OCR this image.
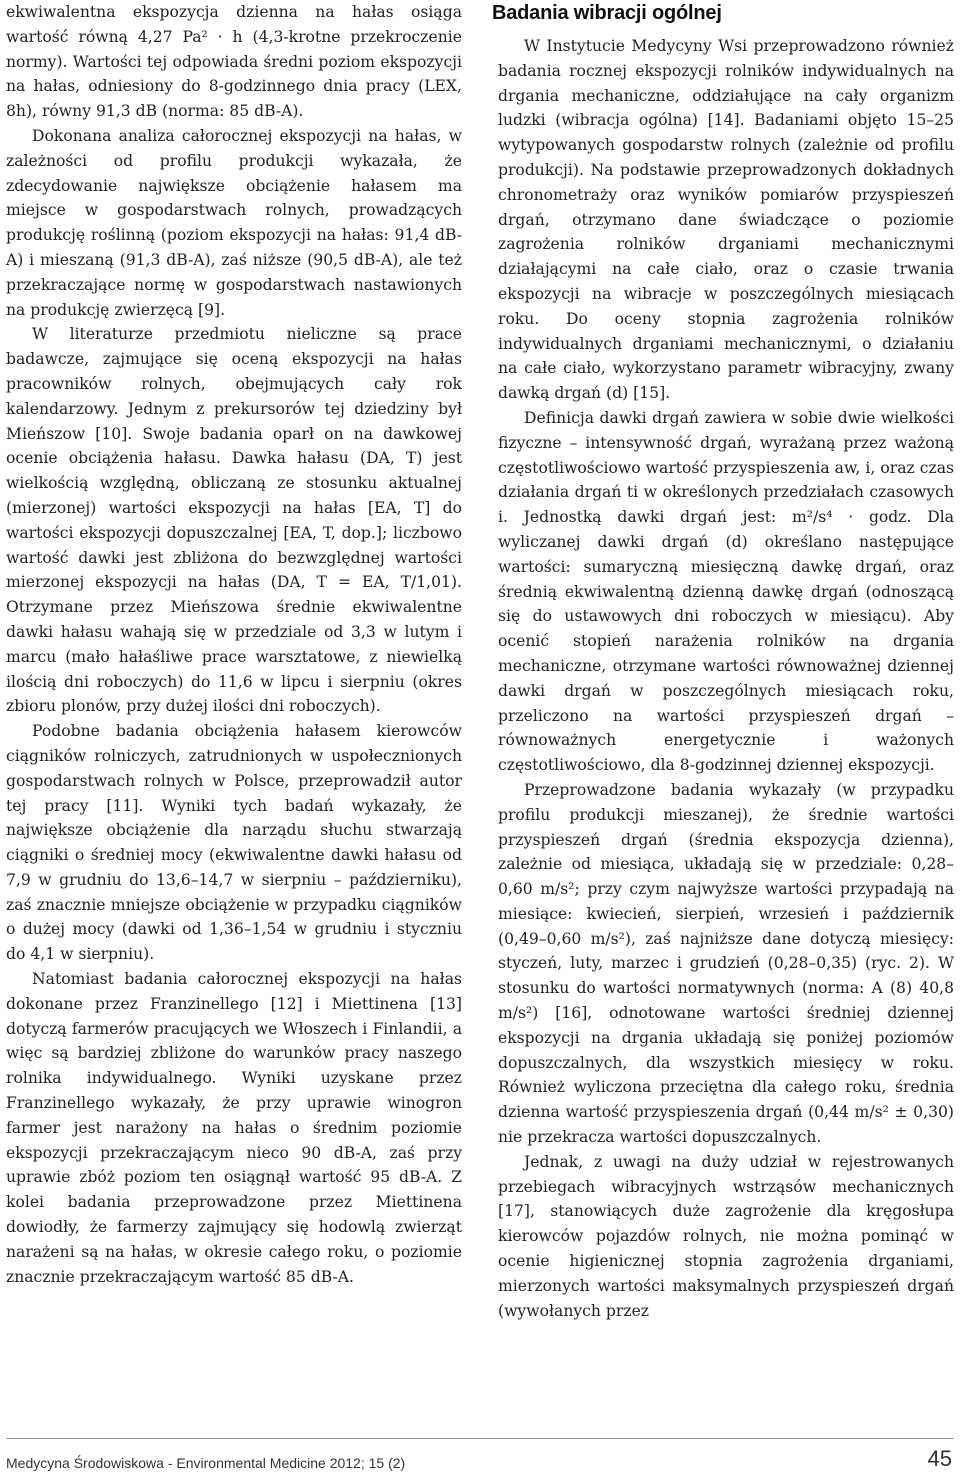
ekwiwalentna ekspozycja dzienna na hałas osiąga wartość równą 4,27 Pa² · h (4,3-krotne przekroczenie normy). Wartości tej odpowiada średni poziom ekspozycji na hałas, odniesiony do 8-godzinnego dnia pracy (LEX, 8h), równy 91,3 dB (norma: 85 dB-A).

Dokonana analiza całorocznej ekspozycji na hałas, w zależności od profilu produkcji wykazała, że zdecydowanie największe obciążenie hałasem ma miejsce w gospodarstwach rolnych, prowadzących produkcję roślinną (poziom ekspozycji na hałas: 91,4 dB-A) i mieszaną (91,3 dB-A), zaś niższe (90,5 dB-A), ale też przekraczające normę w gospodarstwach nastawionych na produkcję zwierzęcą [9].

W literaturze przedmiotu nieliczne są prace badawcze, zajmujące się oceną ekspozycji na hałas pracowników rolnych, obejmujących cały rok kalendarzowy. Jednym z prekursorów tej dziedziny był Mieńszow [10]. Swoje badania oparł on na dawkowej ocenie obciążenia hałasu. Dawka hałasu (DA, T) jest wielkością względną, obliczaną ze stosunku aktualnej (mierzonej) wartości ekspozycji na hałas [EA, T] do wartości ekspozycji dopuszczalnej [EA, T, dop.]; liczbowo wartość dawki jest zbliżona do bezwzględnej wartości mierzonej ekspozycji na hałas (DA, T = EA, T/1,01). Otrzymane przez Mieńszowa średnie ekwiwalentne dawki hałasu wahają się w przedziale od 3,3 w lutym i marcu (mało hałaśliwe prace warsztatowe, z niewielką ilością dni roboczych) do 11,6 w lipcu i sierpniu (okres zbioru plonów, przy dużej ilości dni roboczych).

Podobne badania obciążenia hałasem kierowców ciągników rolniczych, zatrudnionych w uspołecznionych gospodarstwach rolnych w Polsce, przeprowadził autor tej pracy [11]. Wyniki tych badań wykazały, że największe obciążenie dla narządu słuchu stwarzają ciągniki o średniej mocy (ekwiwalentne dawki hałasu od 7,9 w grudniu do 13,6–14,7 w sierpniu – październiku), zaś znacznie mniejsze obciążenie w przypadku ciągników o dużej mocy (dawki od 1,36–1,54 w grudniu i styczniu do 4,1 w sierpniu).

Natomiast badania całorocznej ekspozycji na hałas dokonane przez Franzinellego [12] i Miettinena [13] dotyczą farmerów pracujących we Włoszech i Finlandii, a więc są bardziej zbliżone do warunków pracy naszego rolnika indywidualnego. Wyniki uzyskane przez Franzinellego wykazały, że przy uprawie winogron farmer jest narażony na hałas o średnim poziomie ekspozycji przekraczającym nieco 90 dB-A, zaś przy uprawie zbóż poziom ten osiągnął wartość 95 dB-A. Z kolei badania przeprowadzone przez Miettinena dowiodły, że farmerzy zajmujący się hodowlą zwierząt narażeni są na hałas, w okresie całego roku, o poziomie znacznie przekraczającym wartość 85 dB-A.

Badania wibracji ogólnej

W Instytucie Medycyny Wsi przeprowadzono również badania rocznej ekspozycji rolników indywidualnych na drgania mechaniczne, oddziałujące na cały organizm ludzki (wibracja ogólna) [14]. Badaniami objęto 15–25 wytypowanych gospodarstw rolnych (zależnie od profilu produkcji). Na podstawie przeprowadzonych dokładnych chronometraży oraz wyników pomiarów przyspieszeń drgań, otrzymano dane świadczące o poziomie zagrożenia rolników drganiami mechanicznymi działającymi na całe ciało, oraz o czasie trwania ekspozycji na wibracje w poszczególnych miesiącach roku. Do oceny stopnia zagrożenia rolników indywidualnych drganiami mechanicznymi, o działaniu na całe ciało, wykorzystano parametr wibracyjny, zwany dawką drgań (d) [15].

Definicja dawki drgań zawiera w sobie dwie wielkości fizyczne – intensywność drgań, wyrażaną przez ważoną częstotliwościowo wartość przyspieszenia aw, i, oraz czas działania drgań ti w określonych przedziałach czasowych i. Jednostką dawki drgań jest: m²/s⁴ · godz. Dla wyliczanej dawki drgań (d) określano następujące wartości: sumaryczną miesięczną dawkę drgań, oraz średnią ekwiwalentną dzienną dawkę drgań (odnoszącą się do ustawowych dni roboczych w miesiącu). Aby ocenić stopień narażenia rolników na drgania mechaniczne, otrzymane wartości równoważnej dziennej dawki drgań w poszczególnych miesiącach roku, przeliczono na wartości przyspieszeń drgań – równoważnych energetycznie i ważonych częstotliwościowo, dla 8-godzinnej dziennej ekspozycji.

Przeprowadzone badania wykazały (w przypadku profilu produkcji mieszanej), że średnie wartości przyspieszeń drgań (średnia ekspozycja dzienna), zależnie od miesiąca, układają się w przedziale: 0,28–0,60 m/s²; przy czym najwyższe wartości przypadają na miesiące: kwiecień, sierpień, wrzesień i październik (0,49–0,60 m/s²), zaś najniższe dane dotyczą miesięcy: styczeń, luty, marzec i grudzień (0,28–0,35) (ryc. 2). W stosunku do wartości normatywnych (norma: A (8) 40,8 m/s²) [16], odnotowane wartości średniej dziennej ekspozycji na drgania układają się poniżej poziomów dopuszczalnych, dla wszystkich miesięcy w roku. Również wyliczona przeciętna dla całego roku, średnia dzienna wartość przyspieszenia drgań (0,44 m/s² ± 0,30) nie przekracza wartości dopuszczalnych.

Jednak, z uwagi na duży udział w rejestrowanych przebiegach wibracyjnych wstrząsów mechanicznych [17], stanowiących duże zagrożenie dla kręgosłupa kierowców pojazdów rolnych, nie można pominąć w ocenie higienicznej stopnia zagrożenia drganiami, mierzonych wartości maksymalnych przyspieszeń drgań (wywołanych przez

Medycyna Środowiskowa - Environmental Medicine 2012; 15 (2)	45
